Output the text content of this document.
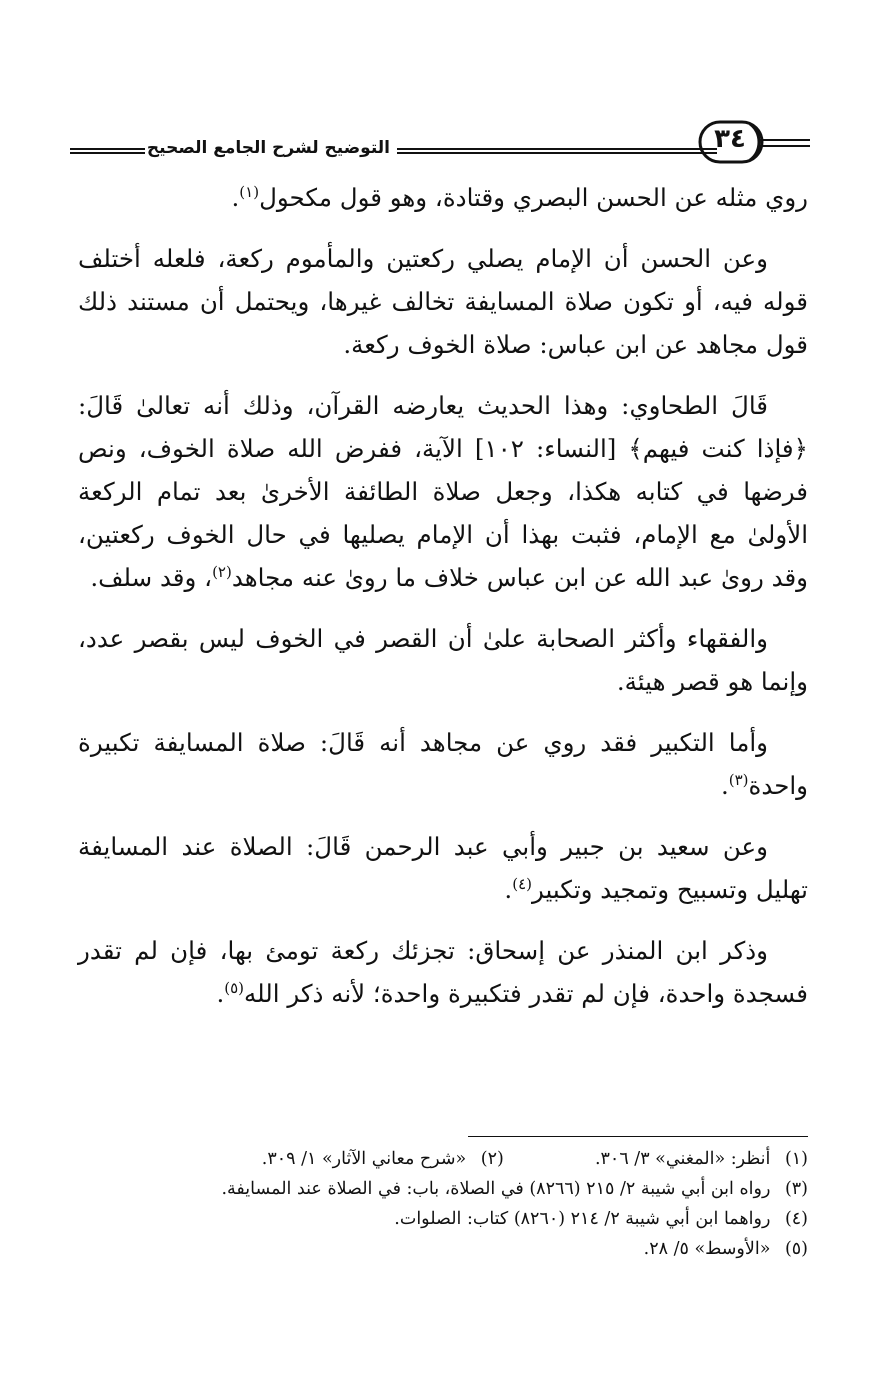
التوضيح لشرح الجامع الصحيح	٣٤

روي مثله عن الحسن البصري وقتادة، وهو قول مكحول$^{(١)}$.

وعن الحسن أن الإمام يصلي ركعتين والمأموم ركعة، فلعله أختلف قوله فيه، أو تكون صلاة المسايفة تخالف غيرها، ويحتمل أن مستند ذلك قول مجاهد عن ابن عباس: صلاة الخوف ركعة.

قَالَ الطحاوي: وهذا الحديث يعارضه القرآن، وذلك أنه تعالىٰ قَالَ: ﴿فإذا كنت فيهم﴾ [النساء: ١٠٢] الآية، ففرض الله صلاة الخوف، ونص فرضها في كتابه هكذا، وجعل صلاة الطائفة الأخرىٰ بعد تمام الركعة الأولىٰ مع الإمام، فثبت بهذا أن الإمام يصليها في حال الخوف ركعتين، وقد روىٰ عبد الله عن ابن عباس خلاف ما روىٰ عنه مجاهد$^{(٢)}$، وقد سلف.

والفقهاء وأكثر الصحابة علىٰ أن القصر في الخوف ليس بقصر عدد، وإنما هو قصر هيئة.

وأما التكبير فقد روي عن مجاهد أنه قَالَ: صلاة المسايفة تكبيرة واحدة$^{(٣)}$.

وعن سعيد بن جبير وأبي عبد الرحمن قَالَ: الصلاة عند المسايفة تهليل وتسبيح وتمجيد وتكبير$^{(٤)}$.

وذكر ابن المنذر عن إسحاق: تجزئك ركعة تومئ بها، فإن لم تقدر فسجدة واحدة، فإن لم تقدر فتكبيرة واحدة؛ لأنه ذكر الله$^{(٥)}$.

(١) أنظر: «المغني» ٣/ ٣٠٦.  (٢) «شرح معاني الآثار» ١/ ٣٠٩.
(٣) رواه ابن أبي شيبة ٢/ ٢١٥ (٨٢٦٦) في الصلاة، باب: في الصلاة عند المسايفة.
(٤) رواهما ابن أبي شيبة ٢/ ٢١٤ (٨٢٦٠) كتاب: الصلوات.
(٥) «الأوسط» ٥/ ٢٨.
